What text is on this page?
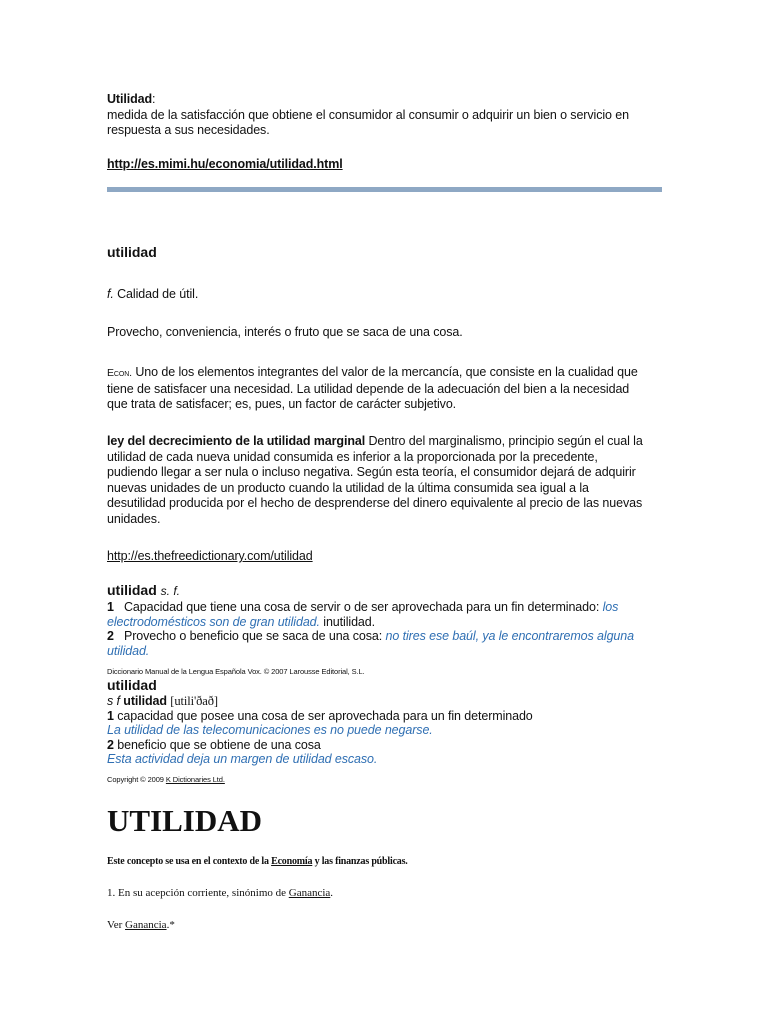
Utilidad:
medida de la satisfacción que obtiene el consumidor al consumir o adquirir un bien o servicio en
respuesta a sus necesidades.
http://es.mimi.hu/economia/utilidad.html
utilidad
f. Calidad de útil.
Provecho, conveniencia, interés o fruto que se saca de una cosa.
Econ. Uno de los elementos integrantes del valor de la mercancía, que consiste en la cualidad que
tiene de satisfacer una necesidad. La utilidad depende de la adecuación del bien a la necesidad
que trata de satisfacer; es, pues, un factor de carácter subjetivo.
ley del decrecimiento de la utilidad marginal Dentro del marginalismo, principio según el cual la
utilidad de cada nueva unidad consumida es inferior a la proporcionada por la precedente,
pudiendo llegar a ser nula o incluso negativa. Según esta teoría, el consumidor dejará de adquirir
nuevas unidades de un producto cuando la utilidad de la última consumida sea igual a la
desutilidad producida por el hecho de desprenderse del dinero equivalente al precio de las nuevas
unidades.
http://es.thefreedictionary.com/utilidad
utilidad s. f.
1 Capacidad que tiene una cosa de servir o de ser aprovechada para un fin determinado: los
electrodomésticos son de gran utilidad. inutilidad.
2 Provecho o beneficio que se saca de una cosa: no tires ese baúl, ya le encontraremos alguna
utilidad.
Diccionario Manual de la Lengua Española Vox. © 2007 Larousse Editorial, S.L.
utilidad
s f utilidad [utili'ðað]
1 capacidad que posee una cosa de ser aprovechada para un fin determinado
La utilidad de las telecomunicaciones es no puede negarse.
2 beneficio que se obtiene de una cosa
Esta actividad deja un margen de utilidad escaso.
Copyright © 2009 K Dictionaries Ltd.
UTILIDAD
Este concepto se usa en el contexto de la Economía y las finanzas públicas.
1. En su acepción corriente, sinónimo de Ganancia.
Ver Ganancia.*
